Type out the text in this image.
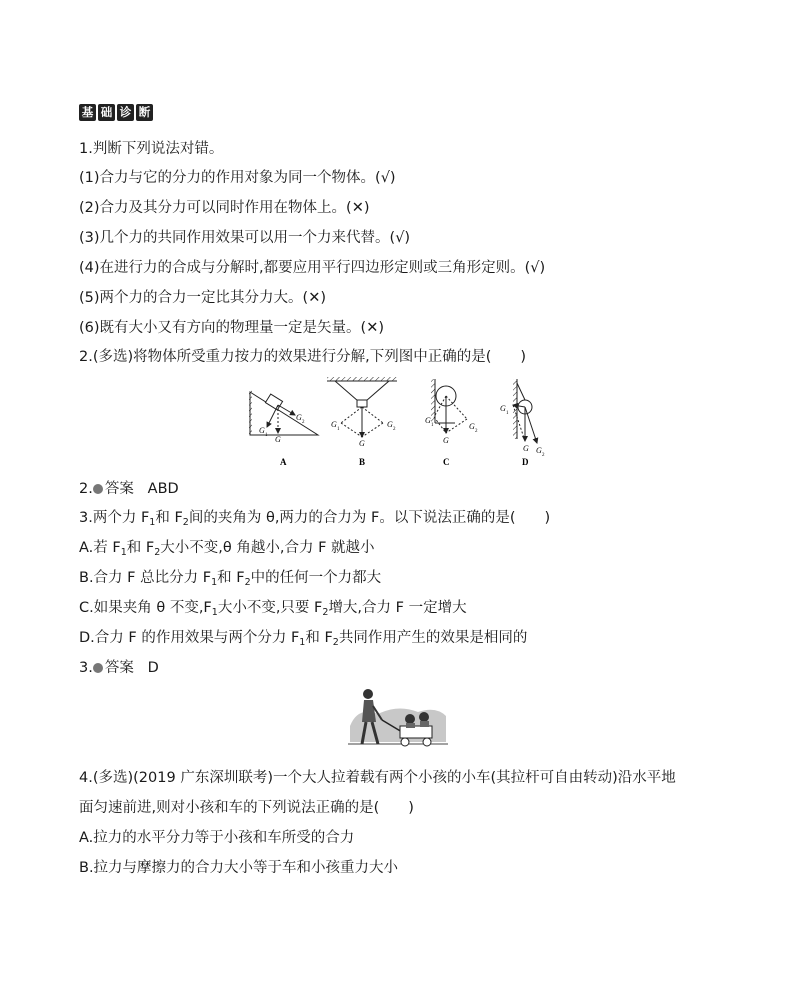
基 础 诊 断
1.判断下列说法对错。
(1)合力与它的分力的作用对象为同一个物体。(√)
(2)合力及其分力可以同时作用在物体上。(✕)
(3)几个力的共同作用效果可以用一个力来代替。(√)
(4)在进行力的合成与分解时,都要应用平行四边形定则或三角形定则。(√)
(5)两个力的合力一定比其分力大。(✕)
(6)既有大小又有方向的物理量一定是矢量。(✕)
2.(多选)将物体所受重力按力的效果进行分解,下列图中正确的是(　　)
G
2
G
1 G
A
G
1
G
2
G
B
G
1	G
2
G
C
G
1
G G
2
D
2. 答案 ABD
3.两个力 $F_1$和 $F_2$间的夹角为 θ,两力的合力为 F。以下说法正确的是(　　)
A.若 $F_1$和 $F_2$大小不变,θ 角越小,合力 F 就越小
B.合力 F 总比分力 $F_1$和 $F_2$中的任何一个力都大
C.如果夹角 θ 不变$,F_1$大小不变,只要 $F_2$增大,合力 F 一定增大
D.合力 F 的作用效果与两个分力 $F_1$和 $F_2$共同作用产生的效果是相同的
3. 答案 D
4.(多选)(2019 广东深圳联考)一个大人拉着载有两个小孩的小车(其拉杆可自由转动)沿水平地
面匀速前进,则对小孩和车的下列说法正确的是(　　)
A.拉力的水平分力等于小孩和车所受的合力
B.拉力与摩擦力的合力大小等于车和小孩重力大小
